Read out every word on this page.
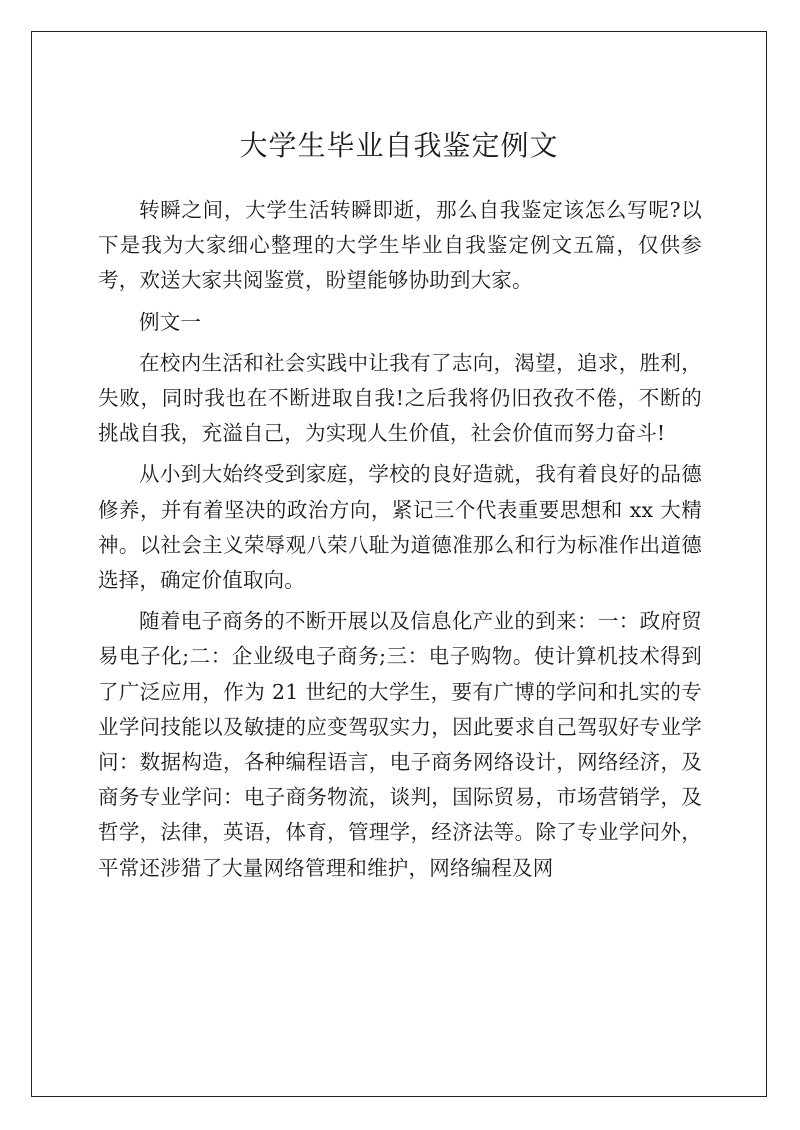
大学生毕业自我鉴定例文

转瞬之间，大学生活转瞬即逝，那么自我鉴定该怎么写呢?以下是我为大家细心整理的大学生毕业自我鉴定例文五篇，仅供参考，欢送大家共阅鉴赏，盼望能够协助到大家。

例文一

在校内生活和社会实践中让我有了志向，渴望，追求，胜利，失败，同时我也在不断进取自我!之后我将仍旧孜孜不倦，不断的挑战自我，充溢自己，为实现人生价值，社会价值而努力奋斗!

从小到大始终受到家庭，学校的良好造就，我有着良好的品德修养，并有着坚决的政治方向，紧记三个代表重要思想和 xx 大精神。以社会主义荣辱观八荣八耻为道德准那么和行为标准作出道德选择，确定价值取向。

随着电子商务的不断开展以及信息化产业的到来：一：政府贸易电子化;二：企业级电子商务;三：电子购物。使计算机技术得到了广泛应用，作为 21 世纪的大学生，要有广博的学问和扎实的专业学问技能以及敏捷的应变驾驭实力，因此要求自己驾驭好专业学问：数据构造，各种编程语言，电子商务网络设计，网络经济，及商务专业学问：电子商务物流，谈判，国际贸易，市场营销学，及哲学，法律，英语，体育，管理学，经济法等。除了专业学问外，平常还涉猎了大量网络管理和维护，网络编程及网
